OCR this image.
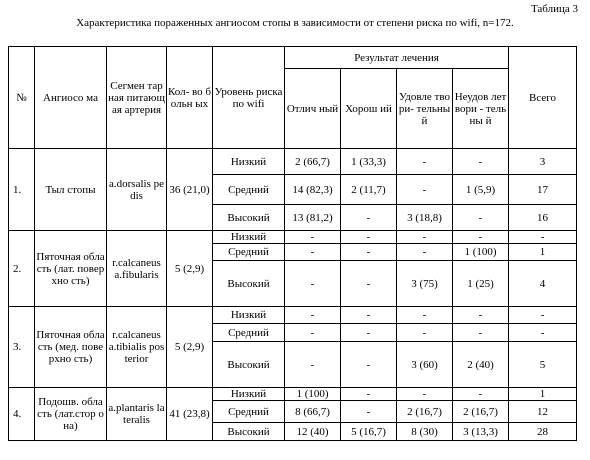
Таблица 3
Характеристика пораженных ангиосом стопы в зависимости от степени риска по wifi, n=172.
№	Ангиосо ма	Сегмен тарная питающ ая артерия	Кол- во больн ых	Уровень риска по wifi	Результат лечения				Всего
					Отлич ный	Хорош ий	Удовле твори- тельны й	Неудов летвори - тельны й	
1.	Тыл стопы	a.dorsalis pedis	36 (21,0)	Низкий	2 (66,7)	1 (33,3)	-	-	3
				Средний	14 (82,3)	2 (11,7)	-	1 (5,9)	17
				Высокий	13 (81,2)	-	3 (18,8)	-	16
2.	Пяточная область (лат. поверхно сть)	r.calcaneus a.fibularis	5 (2,9)	Низкий	-	-	-	-	-
				Средний	-	-	-	1 (100)	1
				Высокий	-	-	3 (75)	1 (25)	4
3.	Пяточная область (мед. поверхно сть)	r.calcaneus a.tibialis posterior	5 (2,9)	Низкий	-	-	-	-	-
				Средний	-	-	-	-	-
				Высокий	-	-	3 (60)	2 (40)	5
4.	Подошв. область (лат.стор она)	a.plantaris lateralis	41 (23,8)	Низкий	1 (100)	-	-	-	1
				Средний	8 (66,7)	-	2 (16,7)	2 (16,7)	12
				Высокий	12 (40)	5 (16,7)	8 (30)	3 (13,3)	28
